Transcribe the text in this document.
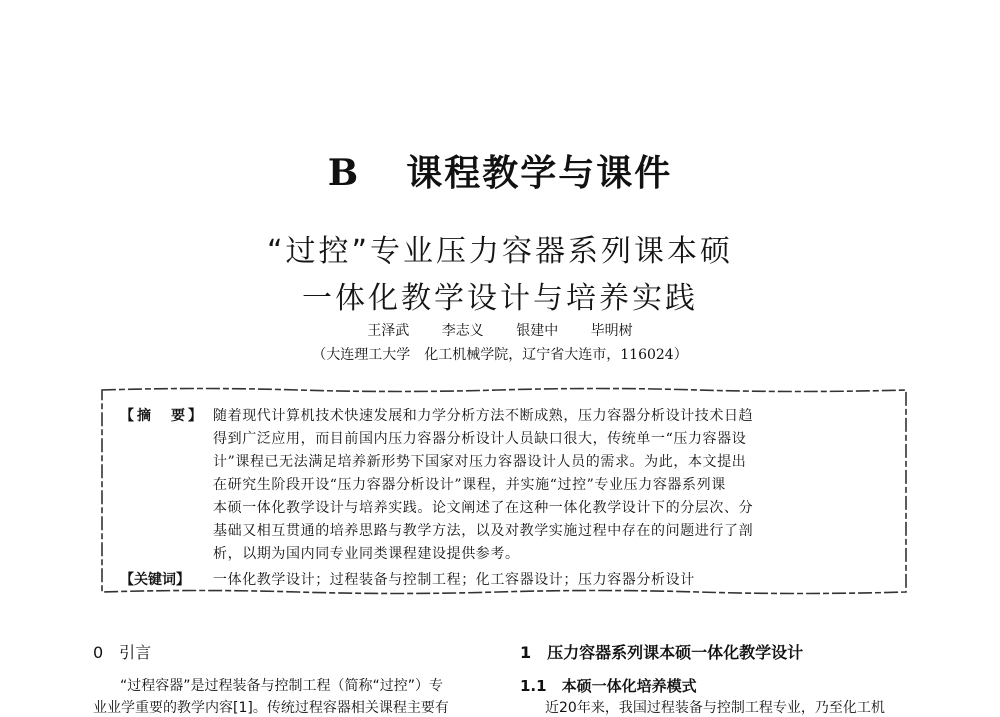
B 课程教学与课件
“过控”专业压力容器系列课本硕
一体化教学设计与培养实践
王泽武 李志义 银建中 毕明树
（大连理工大学　化工机械学院，辽宁省大连市，116024）
【摘　要】 随着现代计算机技术快速发展和力学分析方法不断成熟，压力容器分析设计技术日趋
得到广泛应用，而目前国内压力容器分析设计人员缺口很大，传统单一“压力容器设
计”课程已无法满足培养新形势下国家对压力容器设计人员的需求。为此，本文提出
在研究生阶段开设“压力容器分析设计”课程，并实施“过控”专业压力容器系列课
本硕一体化教学设计与培养实践。论文阐述了在这种一体化教学设计下的分层次、分
基础又相互贯通的培养思路与教学方法，以及对教学实施过程中存在的问题进行了剖
析，以期为国内同专业同类课程建设提供参考。
【关键词】 一体化教学设计；过程装备与控制工程；化工容器设计；压力容器分析设计
0　引言
“过程容器”是过程装备与控制工程（简称“过控”）专
业业学重要的教学内容[1]。传统过程容器相关课程主要有
1　压力容器系列课本硕一体化教学设计
1.1　本硕一体化培养模式
近20年来，我国过程装备与控制工程专业，乃至化工机
